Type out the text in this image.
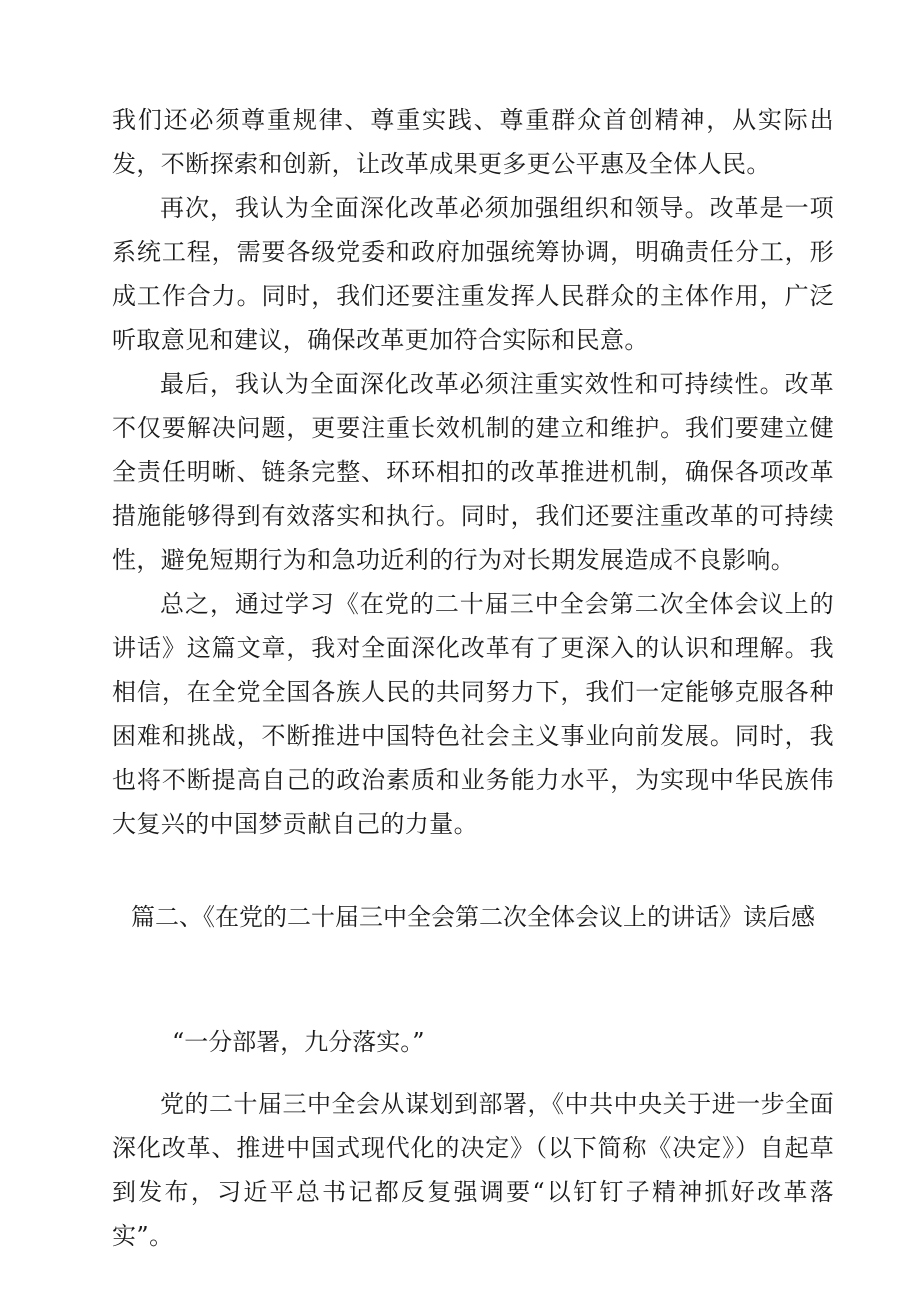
我们还必须尊重规律、尊重实践、尊重群众首创精神，从实际出发，不断探索和创新，让改革成果更多更公平惠及全体人民。

再次，我认为全面深化改革必须加强组织和领导。改革是一项系统工程，需要各级党委和政府加强统筹协调，明确责任分工，形成工作合力。同时，我们还要注重发挥人民群众的主体作用，广泛听取意见和建议，确保改革更加符合实际和民意。

最后，我认为全面深化改革必须注重实效性和可持续性。改革不仅要解决问题，更要注重长效机制的建立和维护。我们要建立健全责任明晰、链条完整、环环相扣的改革推进机制，确保各项改革措施能够得到有效落实和执行。同时，我们还要注重改革的可持续性，避免短期行为和急功近利的行为对长期发展造成不良影响。

总之，通过学习《在党的二十届三中全会第二次全体会议上的讲话》这篇文章，我对全面深化改革有了更深入的认识和理解。我相信，在全党全国各族人民的共同努力下，我们一定能够克服各种困难和挑战，不断推进中国特色社会主义事业向前发展。同时，我也将不断提高自己的政治素质和业务能力水平，为实现中华民族伟大复兴的中国梦贡献自己的力量。

篇二、《在党的二十届三中全会第二次全体会议上的讲话》读后感
“一分部署，九分落实。”

党的二十届三中全会从谋划到部署，《中共中央关于进一步全面深化改革、推进中国式现代化的决定》（以下简称《决定》）自起草到发布，习近平总书记都反复强调要“以钉钉子精神抓好改革落实”。
